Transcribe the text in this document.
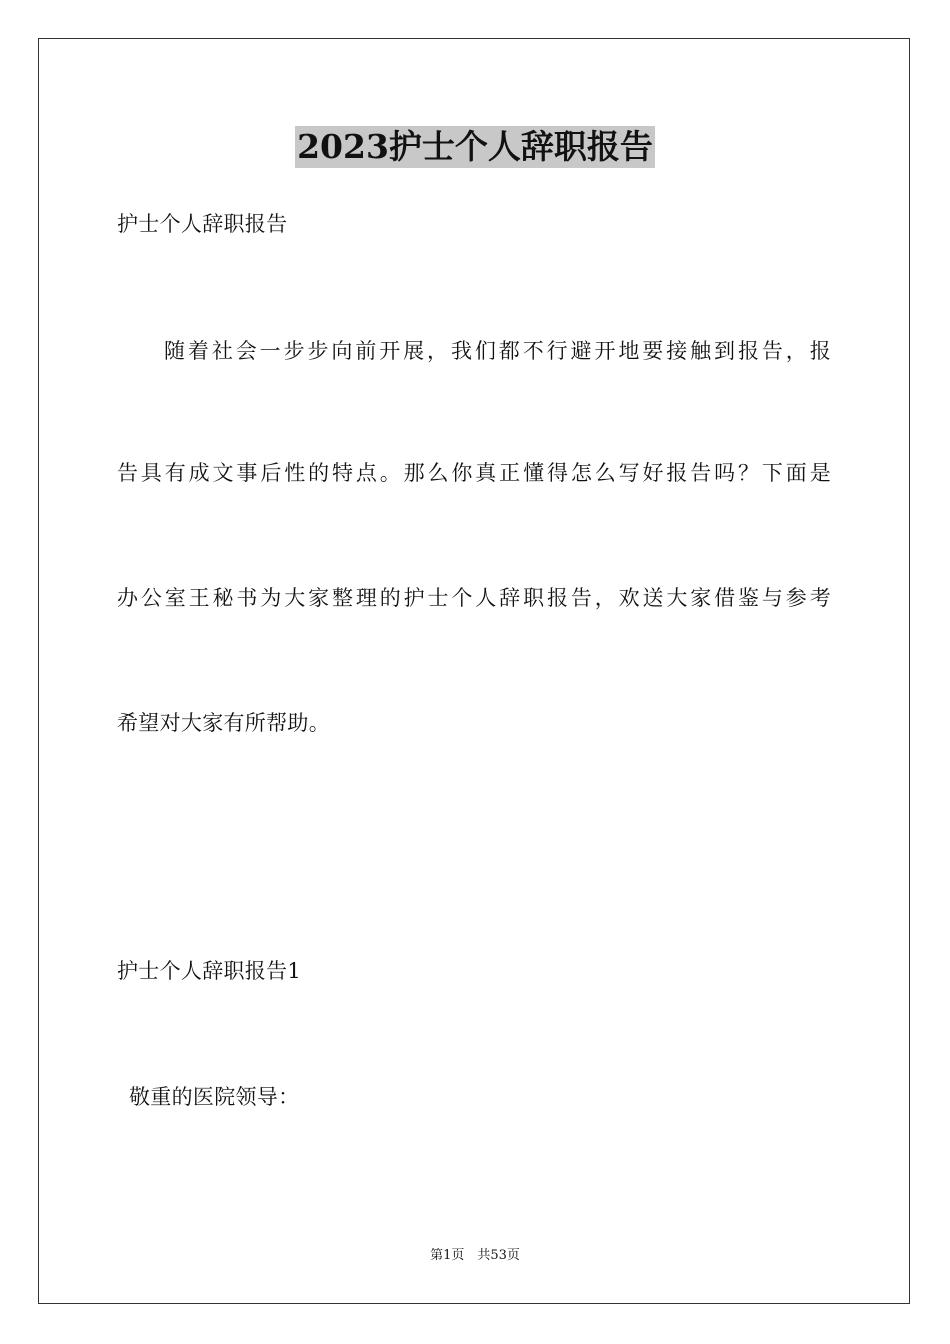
2023护士个人辞职报告
护士个人辞职报告
随着社会一步步向前开展，我们都不行避开地要接触到报告，报
告具有成文事后性的特点。那么你真正懂得怎么写好报告吗？下面是
办公室王秘书为大家整理的护士个人辞职报告，欢送大家借鉴与参考
希望对大家有所帮助。
护士个人辞职报告1
敬重的医院领导：
第1页　共53页
